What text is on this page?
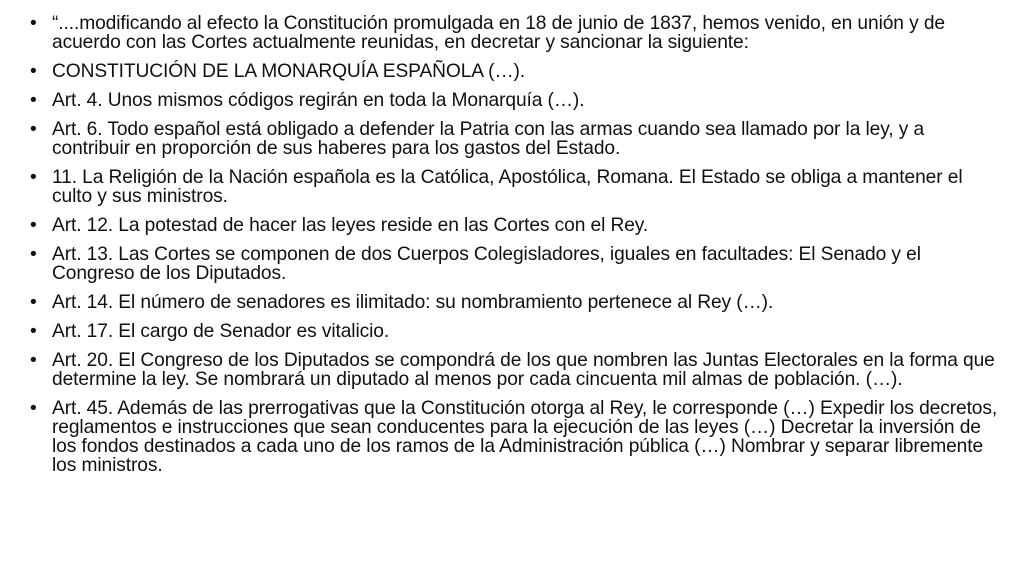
• “....modificando al efecto la Constitución promulgada en 18 de junio de 1837, hemos venido, en unión y de acuerdo con las Cortes actualmente reunidas, en decretar y sancionar la siguiente:
• CONSTITUCIÓN DE LA MONARQUÍA ESPAÑOLA (…).
• Art. 4. Unos mismos códigos regirán en toda la Monarquía (…).
• Art. 6. Todo español está obligado a defender la Patria con las armas cuando sea llamado por la ley, y a contribuir en proporción de sus haberes para los gastos del Estado.
• 11. La Religión de la Nación española es la Católica, Apostólica, Romana. El Estado se obliga a mantener el culto y sus ministros.
• Art. 12. La potestad de hacer las leyes reside en las Cortes con el Rey.
• Art. 13. Las Cortes se componen de dos Cuerpos Colegisladores, iguales en facultades: El Senado y el Congreso de los Diputados.
• Art. 14. El número de senadores es ilimitado: su nombramiento pertenece al Rey (…).
• Art. 17. El cargo de Senador es vitalicio.
• Art. 20. El Congreso de los Diputados se compondrá de los que nombren las Juntas Electorales en la forma que determine la ley. Se nombrará un diputado al menos por cada cincuenta mil almas de población. (…).
• Art. 45. Además de las prerrogativas que la Constitución otorga al Rey, le corresponde (…) Expedir los decretos, reglamentos e instrucciones que sean conducentes para la ejecución de las leyes (…) Decretar la inversión de los fondos destinados a cada uno de los ramos de la Administración pública (…) Nombrar y separar libremente los ministros.
